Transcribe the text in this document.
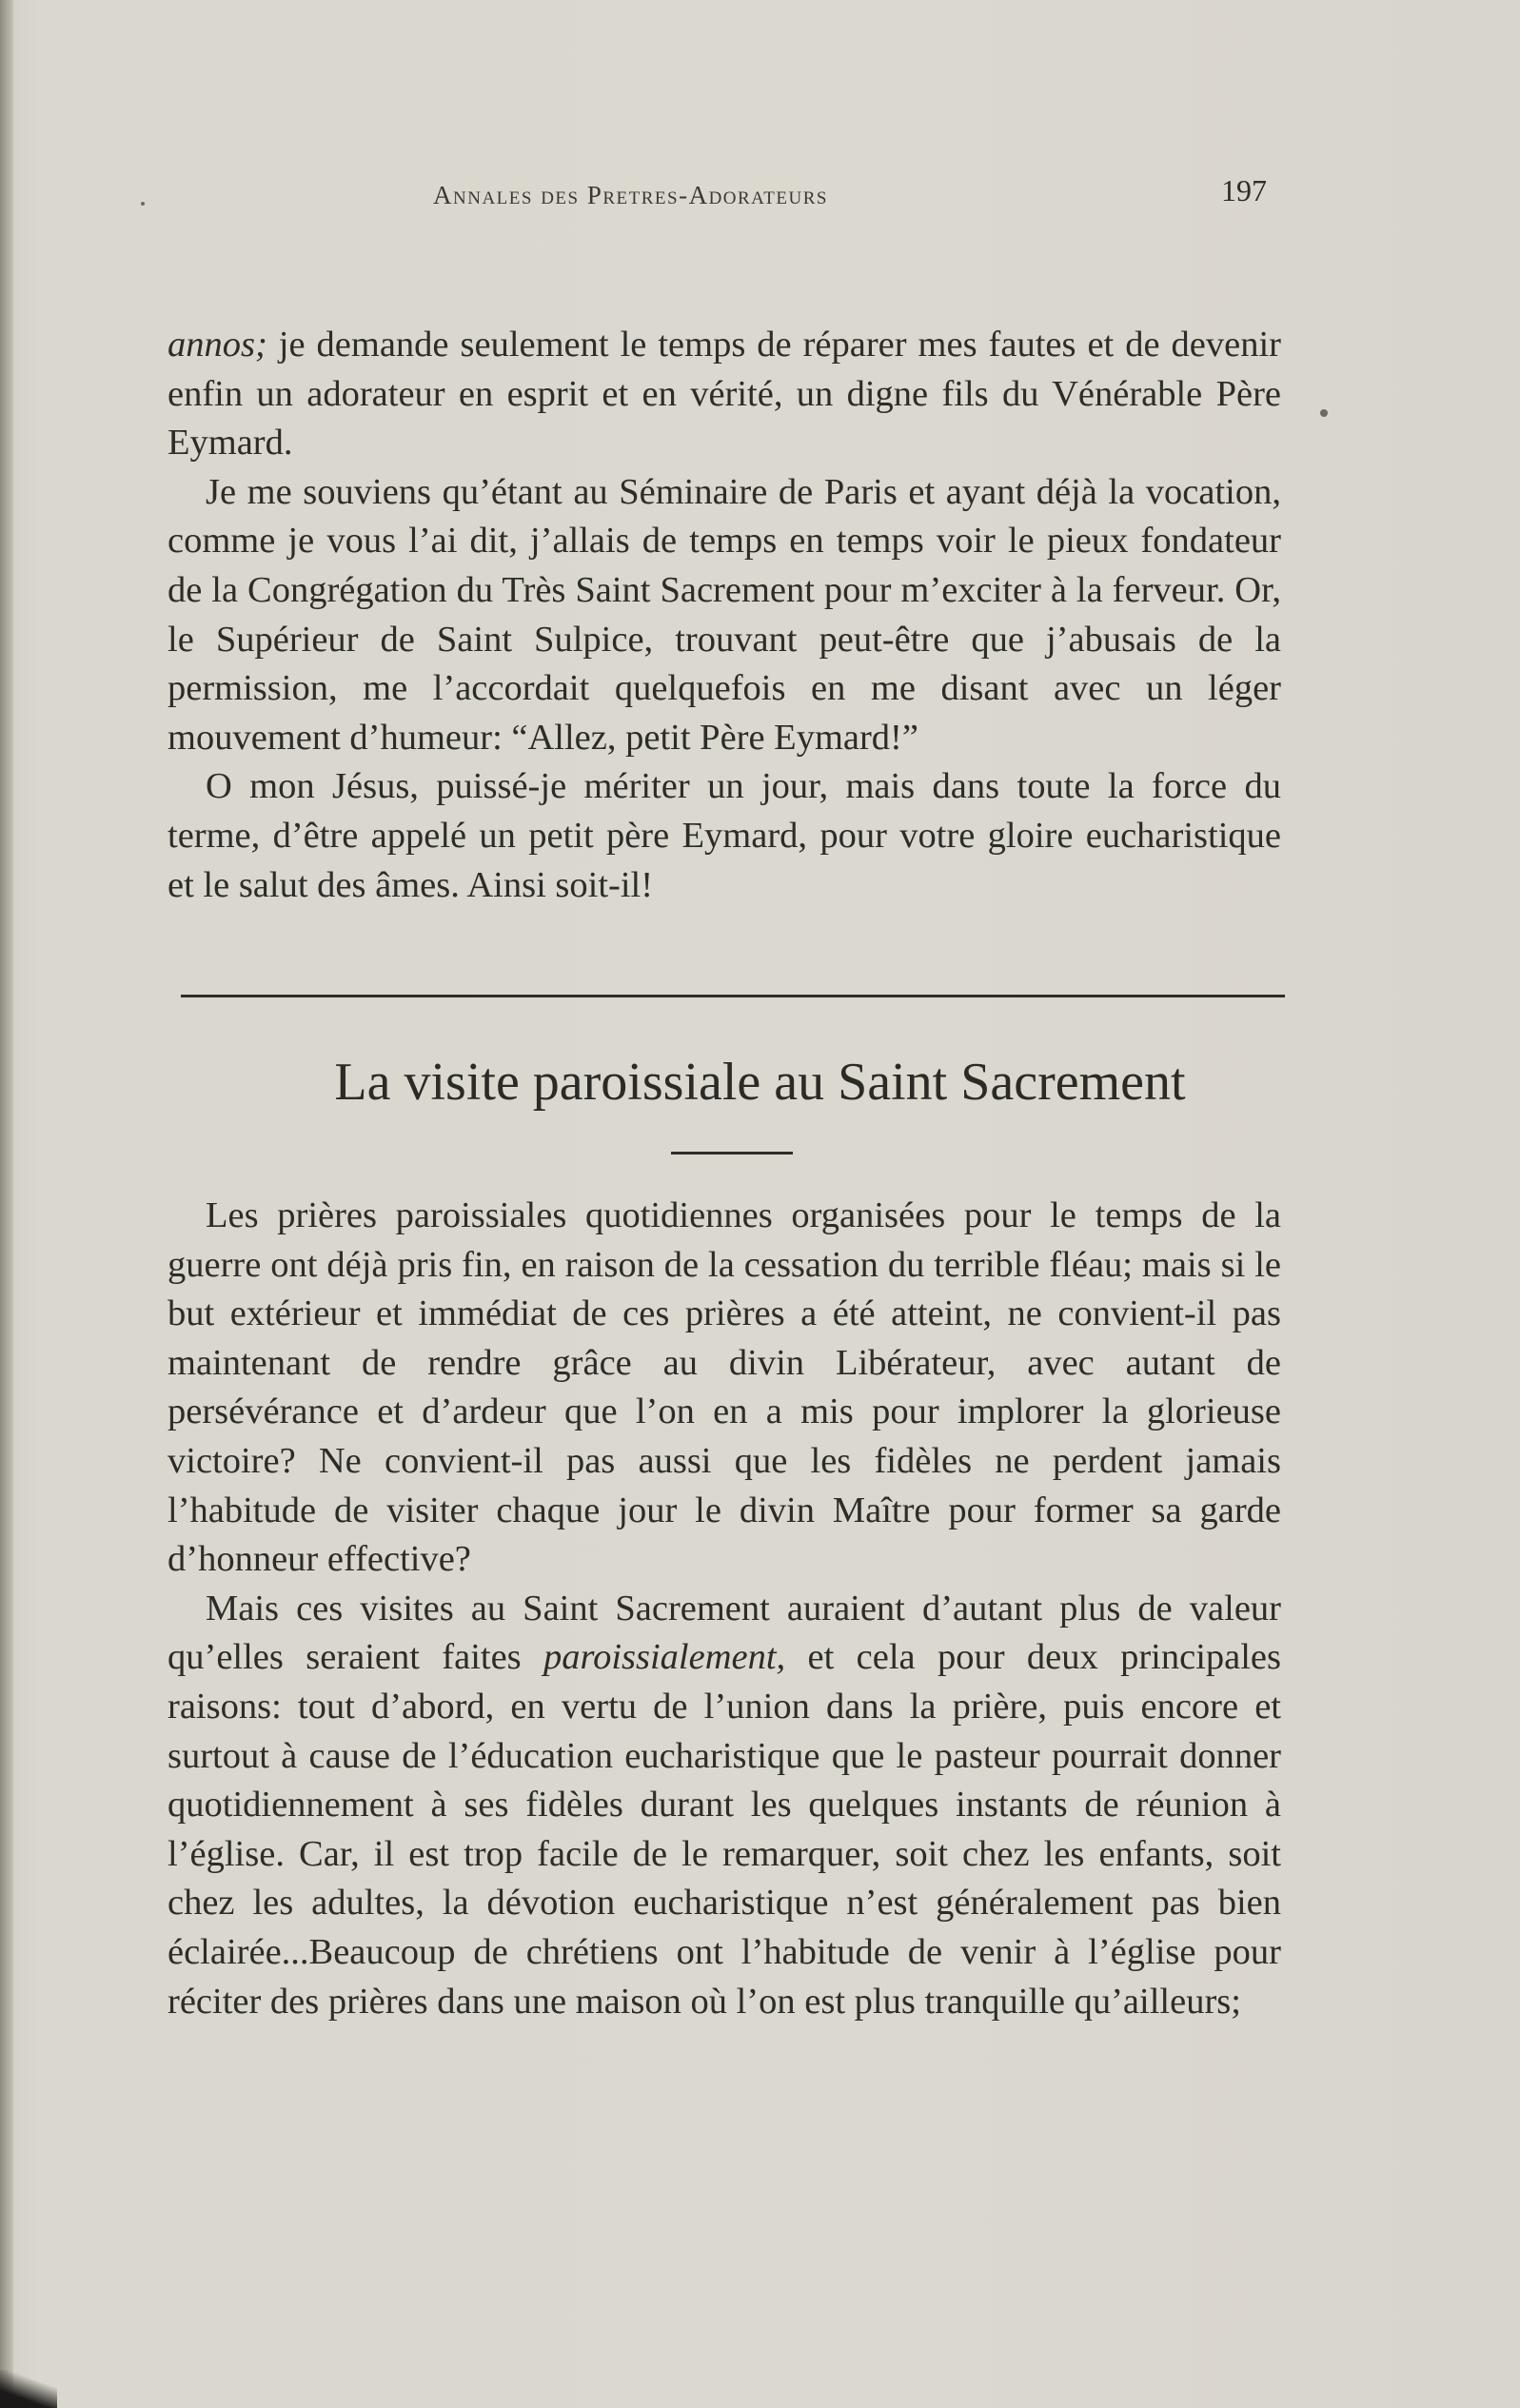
Annales des Pretres-Adorateurs	197

annos; je demande seulement le temps de réparer mes fautes et de devenir enfin un adorateur en esprit et en vérité, un digne fils du Vénérable Père Eymard.

Je me souviens qu’étant au Séminaire de Paris et ayant déjà la vocation, comme je vous l’ai dit, j’allais de temps en temps voir le pieux fondateur de la Congrégation du Très Saint Sacrement pour m’exciter à la ferveur. Or, le Supérieur de Saint Sulpice, trouvant peut-être que j’abusais de la permission, me l’accordait quelquefois en me disant avec un léger mouvement d’humeur: “Allez, petit Père Eymard!”

O mon Jésus, puissé-je mériter un jour, mais dans toute la force du terme, d’être appelé un petit père Eymard, pour votre gloire eucharistique et le salut des âmes. Ainsi soit-il!

La visite paroissiale au Saint Sacrement

Les prières paroissiales quotidiennes organisées pour le temps de la guerre ont déjà pris fin, en raison de la cessation du terrible fléau; mais si le but extérieur et immédiat de ces prières a été atteint, ne convient-il pas maintenant de rendre grâce au divin Libérateur, avec autant de persévérance et d’ardeur que l’on en a mis pour implorer la glorieuse victoire? Ne convient-il pas aussi que les fidèles ne perdent jamais l’habitude de visiter chaque jour le divin Maître pour former sa garde d’honneur effective?

Mais ces visites au Saint Sacrement auraient d’autant plus de valeur qu’elles seraient faites paroissialement, et cela pour deux principales raisons: tout d’abord, en vertu de l’union dans la prière, puis encore et surtout à cause de l’éducation eucharistique que le pasteur pourrait donner quotidiennement à ses fidèles durant les quelques instants de réunion à l’église. Car, il est trop facile de le remarquer, soit chez les enfants, soit chez les adultes, la dévotion eucharistique n’est généralement pas bien éclairée...Beaucoup de chrétiens ont l’habitude de venir à l’église pour réciter des prières dans une maison où l’on est plus tranquille qu’ailleurs;
